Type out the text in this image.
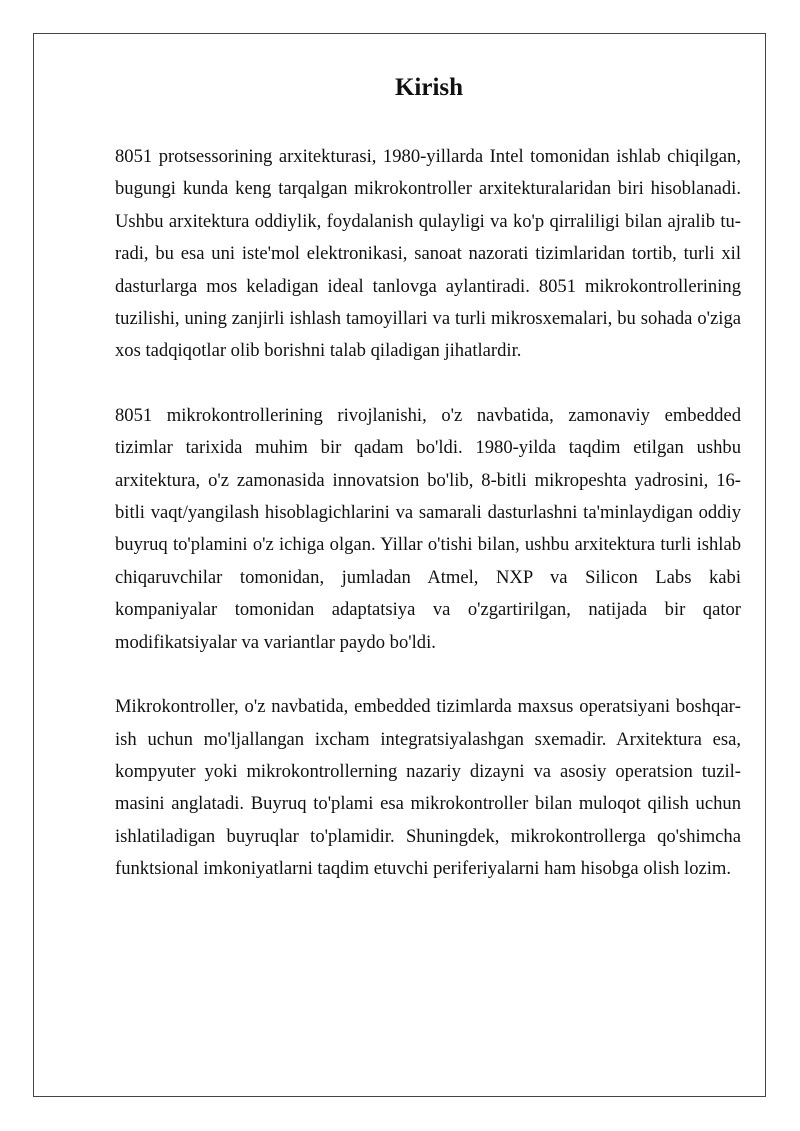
Kirish

8051 protsessorining arxitekturasi, 1980-yillarda Intel tomonidan ishlab chiqilgan, bugungi kunda keng tarqalgan mikrokontroller arxitekturalaridan biri hisoblanadi. Ushbu arxitektura oddiylik, foydalanish qulayligi va ko'p qirraliligi bilan ajralib turadi, bu esa uni iste'mol elektronikasi, sanoat nazorati tizimlaridan tortib, turli xil dasturlarga mos keladigan ideal tanlovga aylantiradi. 8051 mikrokontrollerining tuzilishi, uning zanjirli ishlash tamoyillari va turli mikrosxemalari, bu sohada o'ziga xos tadqiqotlar olib borishni talab qiladigan jihatlardir.

8051 mikrokontrollerining rivojlanishi, o'z navbatida, zamonaviy embedded tizimlar tarixida muhim bir qadam bo'ldi. 1980-yilda taqdim etilgan ushbu arxitektura, o'z zamonasida innovatsion bo'lib, 8-bitli mikropeshta yadrosini, 16-bitli vaqt/yangilash hisoblagichlarini va samarali dasturlashni ta'minlaydigan oddiy buyruq to'plamini o'z ichiga olgan. Yillar o'tishi bilan, ushbu arxitektura turli ishlab chiqaruvchilar tomonidan, jumladan Atmel, NXP va Silicon Labs kabi kompaniyalar tomonidan adaptatsiya va o'zgartirilgan, natijada bir qator modifikatsiyalar va variantlar paydo bo'ldi.

Mikrokontroller, o'z navbatida, embedded tizimlarda maxsus operatsiyani boshqarish uchun mo'ljallangan ixcham integratsiyalashgan sxemadir. Arxitektura esa, kompyuter yoki mikrokontrollerning nazariy dizayni va asosiy operatsion tuzilmasini anglatadi. Buyruq to'plami esa mikrokontroller bilan muloqot qilish uchun ishlatiladigan buyruqlar to'plamidir. Shuningdek, mikrokontrollerga qo'shimcha funktsional imkoniyatlarni taqdim etuvchi periferiyalarni ham hisobga olish lozim.
